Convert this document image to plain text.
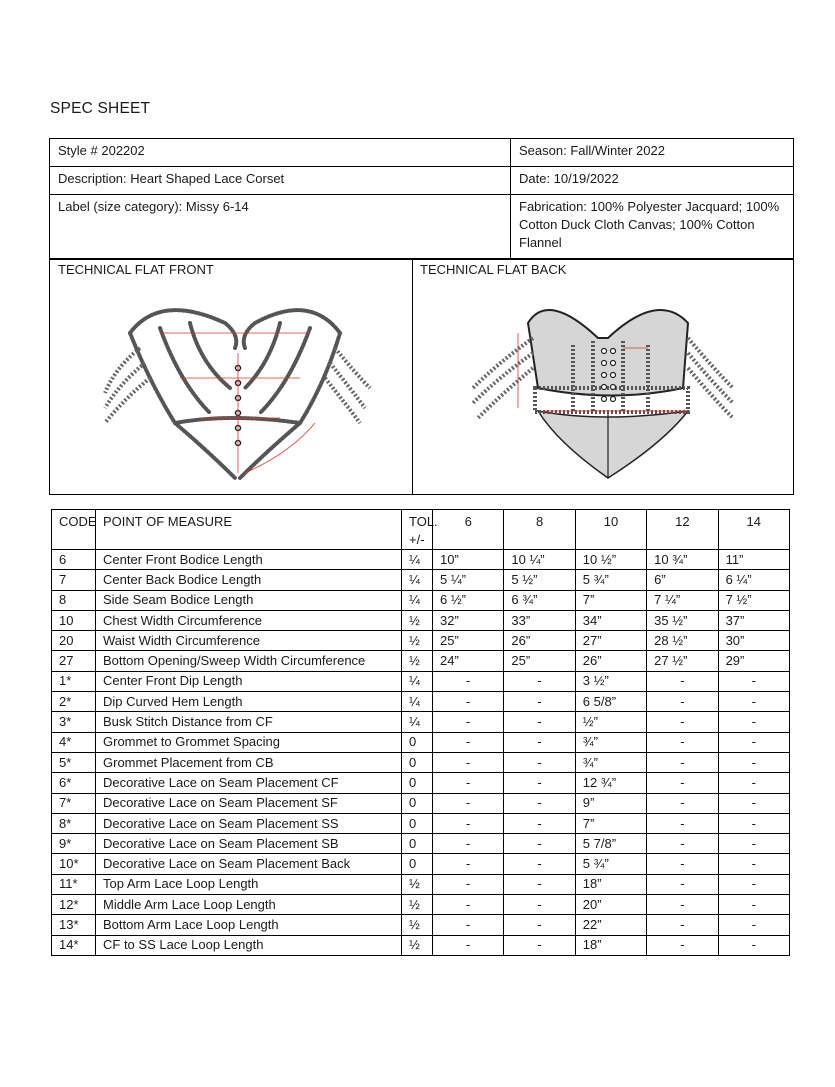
SPEC SHEET
Style # 202202	Season: Fall/Winter 2022
Description: Heart Shaped Lace Corset	Date: 10/19/2022
Label (size category): Missy 6-14	Fabrication: 100% Polyester Jacquard; 100% Cotton Duck Cloth Canvas; 100% Cotton Flannel
TECHNICAL FLAT FRONT	TECHNICAL FLAT BACK
CODE	POINT OF MEASURE	TOL. +/-	6	8	10	12	14
6	Center Front Bodice Length	¼	10”	10 ¼”	10 ½”	10 ¾”	11”
7	Center Back Bodice Length	¼	5 ¼”	5 ½”	5 ¾”	6”	6 ¼”
8	Side Seam Bodice Length	¼	6 ½”	6 ¾”	7”	7 ¼”	7 ½”
10	Chest Width Circumference	½	32”	33”	34”	35 ½”	37”
20	Waist Width Circumference	½	25”	26”	27”	28 ½”	30”
27	Bottom Opening/Sweep Width Circumference	½	24”	25”	26”	27 ½”	29”
1*	Center Front Dip Length	¼	-	-	3 ½”	-	-
2*	Dip Curved Hem Length	¼	-	-	6 5/8”	-	-
3*	Busk Stitch Distance from CF	¼	-	-	½”	-	-
4*	Grommet to Grommet Spacing	0	-	-	¾”	-	-
5*	Grommet Placement from CB	0	-	-	¾”	-	-
6*	Decorative Lace on Seam Placement CF	0	-	-	12 ¾”	-	-
7*	Decorative Lace on Seam Placement SF	0	-	-	9”	-	-
8*	Decorative Lace on Seam Placement SS	0	-	-	7”	-	-
9*	Decorative Lace on Seam Placement SB	0	-	-	5 7/8”	-	-
10*	Decorative Lace on Seam Placement Back	0	-	-	5 ¾”	-	-
11*	Top Arm Lace Loop Length	½	-	-	18”	-	-
12*	Middle Arm Lace Loop Length	½	-	-	20”	-	-
13*	Bottom Arm Lace Loop Length	½	-	-	22”	-	-
14*	CF to SS Lace Loop Length	½	-	-	18”	-	-
